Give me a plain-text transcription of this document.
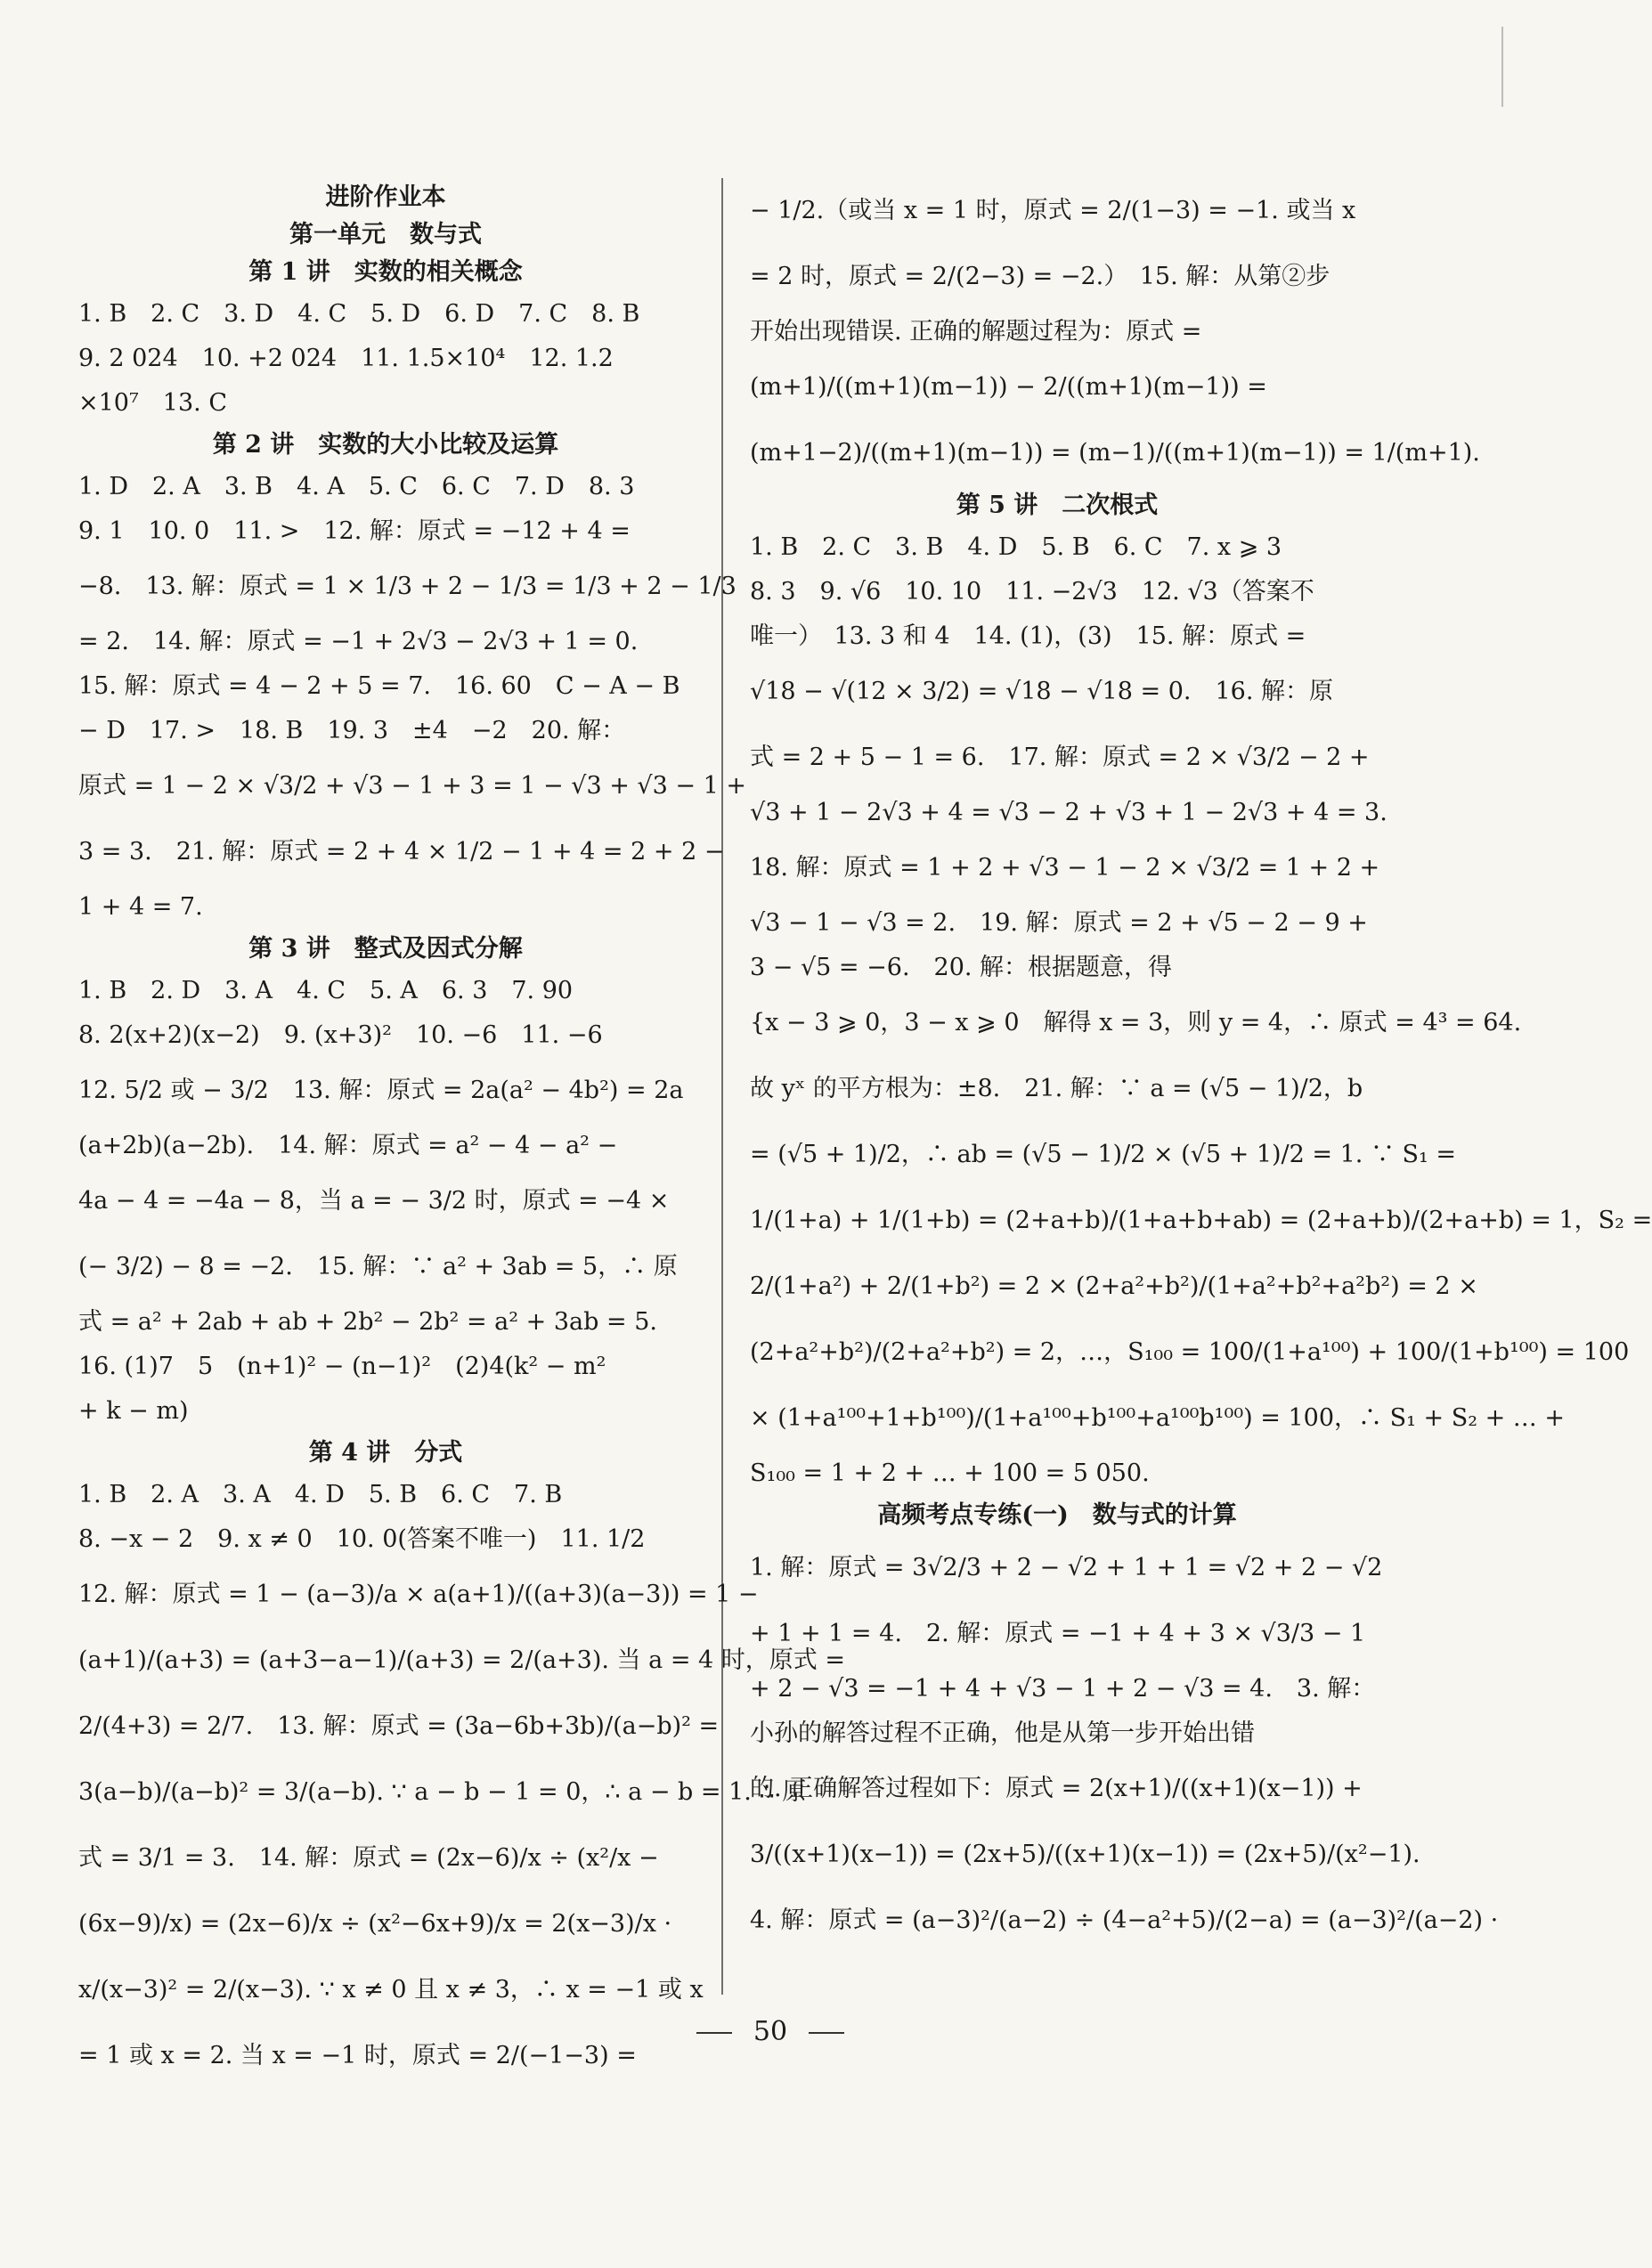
进阶作业本
第一单元　数与式
第 1 讲　实数的相关概念
1. B　2. C　3. D　4. C　5. D　6. D　7. C　8. B
9. 2 024　10. +2 024　11. 1.5×10⁴　12. 1.2
×10⁷　13. C
第 2 讲　实数的大小比较及运算
1. D　2. A　3. B　4. A　5. C　6. C　7. D　8. 3
9. 1　10. 0　11. >　12. 解：原式 = −12 + 4 =
−8.　13. 解：原式 = 1 × 1/3 + 2 − 1/3 = 1/3 + 2 − 1/3
= 2.　14. 解：原式 = −1 + 2√3 − 2√3 + 1 = 0.
15. 解：原式 = 4 − 2 + 5 = 7.　16. 60　C − A − B
− D　17. >　18. B　19. 3　±4　−2　20. 解：
原式 = 1 − 2 × √3/2 + √3 − 1 + 3 = 1 − √3 + √3 − 1 +
3 = 3.　21. 解：原式 = 2 + 4 × 1/2 − 1 + 4 = 2 + 2 −
1 + 4 = 7.
第 3 讲　整式及因式分解
1. B　2. D　3. A　4. C　5. A　6. 3　7. 90
8. 2(x+2)(x−2)　9. (x+3)²　10. −6　11. −6
12. 5/2 或 − 3/2　13. 解：原式 = 2a(a² − 4b²) = 2a
(a+2b)(a−2b).　14. 解：原式 = a² − 4 − a² −
4a − 4 = −4a − 8，当 a = − 3/2 时，原式 = −4 ×
(− 3/2) − 8 = −2.　15. 解：∵ a² + 3ab = 5，∴ 原
式 = a² + 2ab + ab + 2b² − 2b² = a² + 3ab = 5.
16. (1)7　5　(n+1)² − (n−1)²　(2)4(k² − m²
+ k − m)
第 4 讲　分式
1. B　2. A　3. A　4. D　5. B　6. C　7. B
8. −x − 2　9. x ≠ 0　10. 0(答案不唯一)　11. 1/2
12. 解：原式 = 1 − (a−3)/a × a(a+1)/((a+3)(a−3)) = 1 −
(a+1)/(a+3) = (a+3−a−1)/(a+3) = 2/(a+3). 当 a = 4 时，原式 =
2/(4+3) = 2/7.　13. 解：原式 = (3a−6b+3b)/(a−b)² =
3(a−b)/(a−b)² = 3/(a−b). ∵ a − b − 1 = 0，∴ a − b = 1. ∴ 原
式 = 3/1 = 3.　14. 解：原式 = (2x−6)/x ÷ (x²/x −
(6x−9)/x) = (2x−6)/x ÷ (x²−6x+9)/x = 2(x−3)/x ·
x/(x−3)² = 2/(x−3). ∵ x ≠ 0 且 x ≠ 3，∴ x = −1 或 x
= 1 或 x = 2. 当 x = −1 时，原式 = 2/(−1−3) =
− 1/2.（或当 x = 1 时，原式 = 2/(1−3) = −1. 或当 x
= 2 时，原式 = 2/(2−3) = −2.）　15. 解：从第②步
开始出现错误. 正确的解题过程为：原式 =
(m+1)/((m+1)(m−1)) − 2/((m+1)(m−1)) =
(m+1−2)/((m+1)(m−1)) = (m−1)/((m+1)(m−1)) = 1/(m+1).
第 5 讲　二次根式
1. B　2. C　3. B　4. D　5. B　6. C　7. x ⩾ 3
8. 3　9. √6　10. 10　11. −2√3　12. √3（答案不
唯一）　13. 3 和 4　14. (1)，(3)　15. 解：原式 =
√18 − √(12 × 3/2) = √18 − √18 = 0.　16. 解：原
式 = 2 + 5 − 1 = 6.　17. 解：原式 = 2 × √3/2 − 2 +
√3 + 1 − 2√3 + 4 = √3 − 2 + √3 + 1 − 2√3 + 4 = 3.
18. 解：原式 = 1 + 2 + √3 − 1 − 2 × √3/2 = 1 + 2 +
√3 − 1 − √3 = 2.　19. 解：原式 = 2 + √5 − 2 − 9 +
3 − √5 = −6.　20. 解：根据题意，得
{x − 3 ⩾ 0，3 − x ⩾ 0　解得 x = 3，则 y = 4，∴ 原式 = 4³ = 64.
故 yˣ 的平方根为：±8.　21. 解：∵ a = (√5 − 1)/2，b
= (√5 + 1)/2，∴ ab = (√5 − 1)/2 × (√5 + 1)/2 = 1. ∵ S₁ =
1/(1+a) + 1/(1+b) = (2+a+b)/(1+a+b+ab) = (2+a+b)/(2+a+b) = 1，S₂ =
2/(1+a²) + 2/(1+b²) = 2 × (2+a²+b²)/(1+a²+b²+a²b²) = 2 ×
(2+a²+b²)/(2+a²+b²) = 2，…，S₁₀₀ = 100/(1+a¹⁰⁰) + 100/(1+b¹⁰⁰) = 100
× (1+a¹⁰⁰+1+b¹⁰⁰)/(1+a¹⁰⁰+b¹⁰⁰+a¹⁰⁰b¹⁰⁰) = 100，∴ S₁ + S₂ + … +
S₁₀₀ = 1 + 2 + … + 100 = 5 050.
高频考点专练(一)　数与式的计算
1. 解：原式 = 3√2/3 + 2 − √2 + 1 + 1 = √2 + 2 − √2
+ 1 + 1 = 4.　2. 解：原式 = −1 + 4 + 3 × √3/3 − 1
+ 2 − √3 = −1 + 4 + √3 − 1 + 2 − √3 = 4.　3. 解：
小孙的解答过程不正确，他是从第一步开始出错
的. 正确解答过程如下：原式 = 2(x+1)/((x+1)(x−1)) +
3/((x+1)(x−1)) = (2x+5)/((x+1)(x−1)) = (2x+5)/(x²−1).
4. 解：原式 = (a−3)²/(a−2) ÷ (4−a²+5)/(2−a) = (a−3)²/(a−2) ·
50
